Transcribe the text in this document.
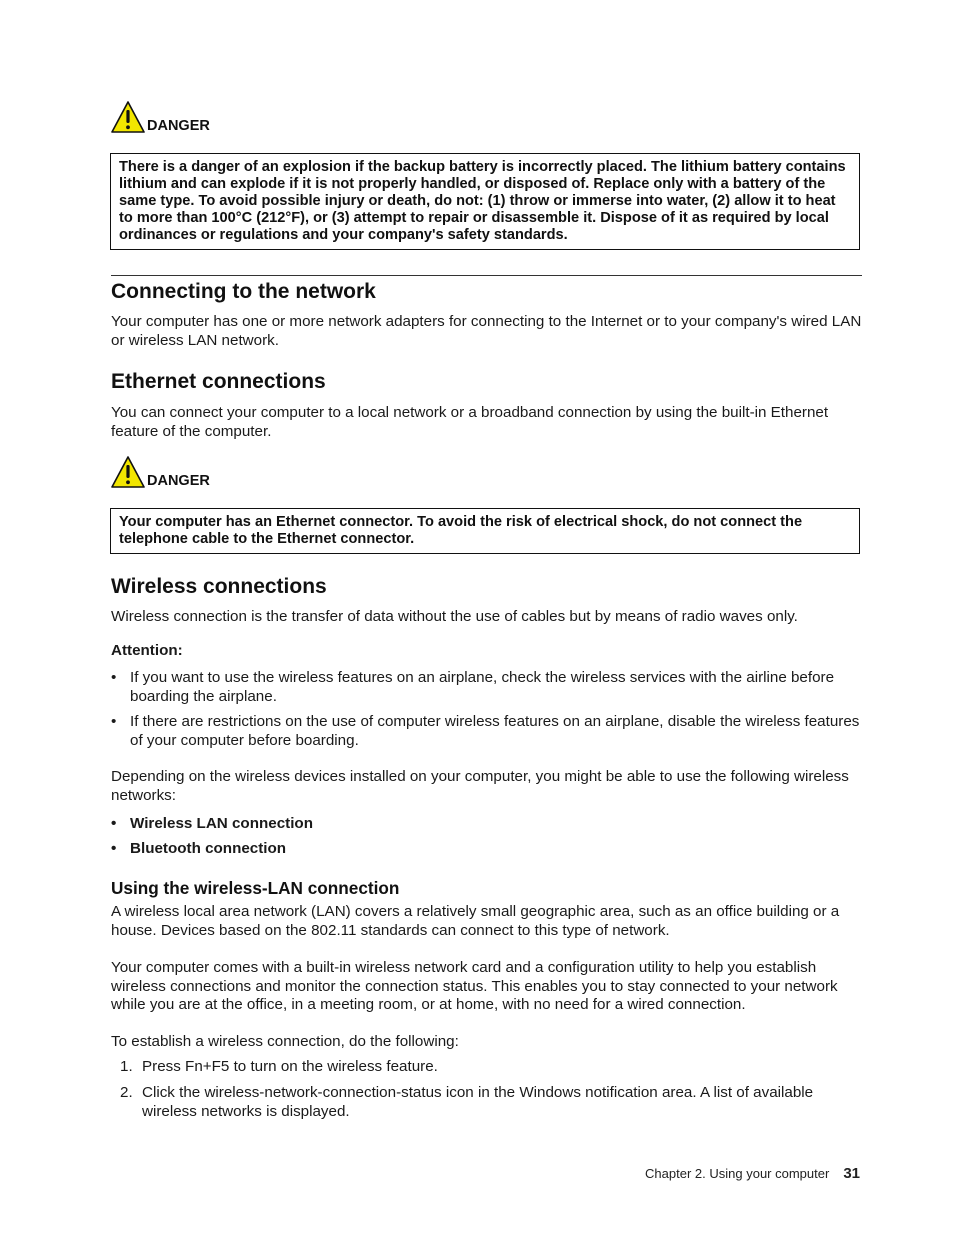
DANGER
There is a danger of an explosion if the backup battery is incorrectly placed. The lithium battery contains lithium and can explode if it is not properly handled, or disposed of. Replace only with a battery of the same type. To avoid possible injury or death, do not: (1) throw or immerse into water, (2) allow it to heat to more than 100°C (212°F), or (3) attempt to repair or disassemble it. Dispose of it as required by local ordinances or regulations and your company's safety standards.
Connecting to the network

Your computer has one or more network adapters for connecting to the Internet or to your company's wired LAN or wireless LAN network.

Ethernet connections

You can connect your computer to a local network or a broadband connection by using the built-in Ethernet feature of the computer.

DANGER
Your computer has an Ethernet connector. To avoid the risk of electrical shock, do not connect the telephone cable to the Ethernet connector.
Wireless connections

Wireless connection is the transfer of data without the use of cables but by means of radio waves only.

Attention:

• If you want to use the wireless features on an airplane, check the wireless services with the airline before boarding the airplane.
• If there are restrictions on the use of computer wireless features on an airplane, disable the wireless features of your computer before boarding.

Depending on the wireless devices installed on your computer, you might be able to use the following wireless networks:

• Wireless LAN connection
• Bluetooth connection
Using the wireless-LAN connection

A wireless local area network (LAN) covers a relatively small geographic area, such as an office building or a house. Devices based on the 802.11 standards can connect to this type of network.

Your computer comes with a built-in wireless network card and a configuration utility to help you establish wireless connections and monitor the connection status. This enables you to stay connected to your network while you are at the office, in a meeting room, or at home, with no need for a wired connection.

To establish a wireless connection, do the following:

1. Press Fn+F5 to turn on the wireless feature.
2. Click the wireless-network-connection-status icon in the Windows notification area. A list of available wireless networks is displayed.
Chapter 2. Using your computer 31
